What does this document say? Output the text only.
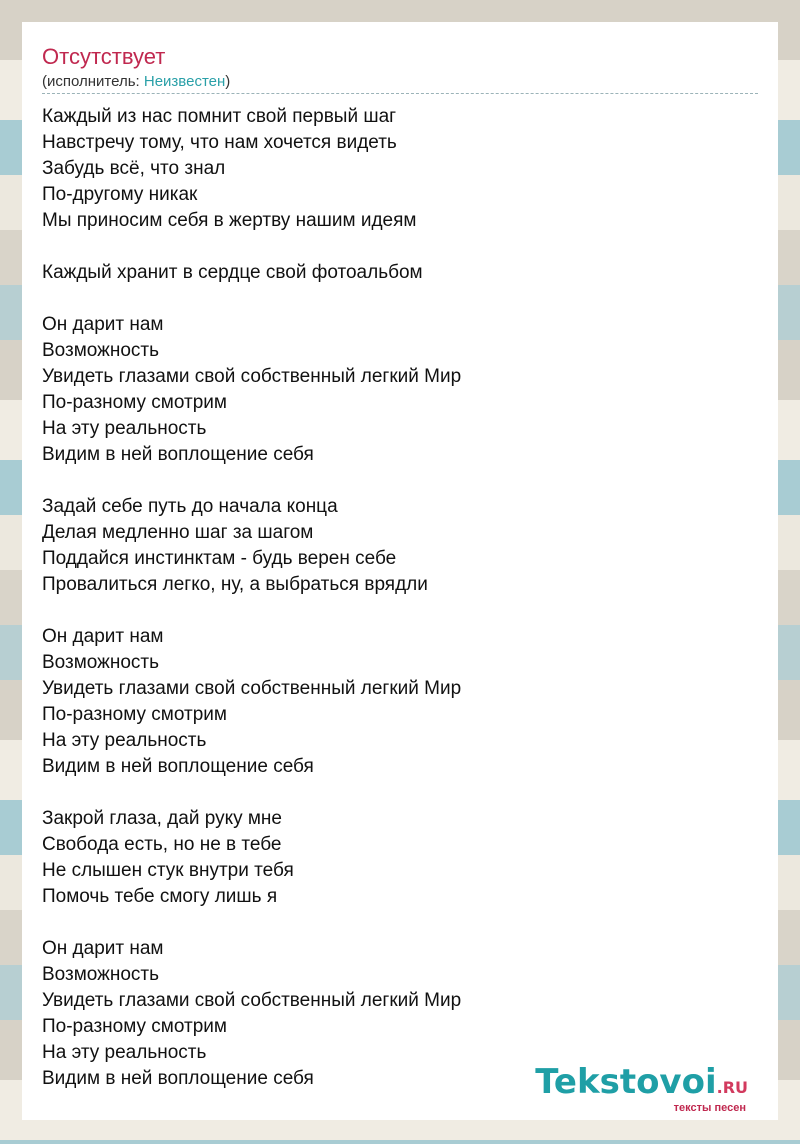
Отсутствует
(исполнитель: Неизвестен)
Каждый из нас помнит свой первый шаг
Навстречу тому, что нам хочется видеть
Забудь всё, что знал
По-другому никак
Мы приносим себя в жертву нашим идеям
Каждый хранит в сердце свой фотоальбом
Он дарит нам
Возможность
Увидеть глазами свой собственный легкий Мир
По-разному смотрим
На эту реальность
Видим в ней воплощение себя
Задай себе путь до начала конца
Делая медленно шаг за шагом
Поддайся инстинктам - будь верен себе
Провалиться легко, ну, а выбраться врядли
Он дарит нам
Возможность
Увидеть глазами свой собственный легкий Мир
По-разному смотрим
На эту реальность
Видим в ней воплощение себя
Закрой глаза, дай руку мне
Свобода есть, но не в тебе
Не слышен стук внутри тебя
Помочь тебе смогу лишь я
Он дарит нам
Возможность
Увидеть глазами свой собственный легкий Мир
По-разному смотрим
На эту реальность
Видим в ней воплощение себя	Tekstovoi.RU
тексты песен
